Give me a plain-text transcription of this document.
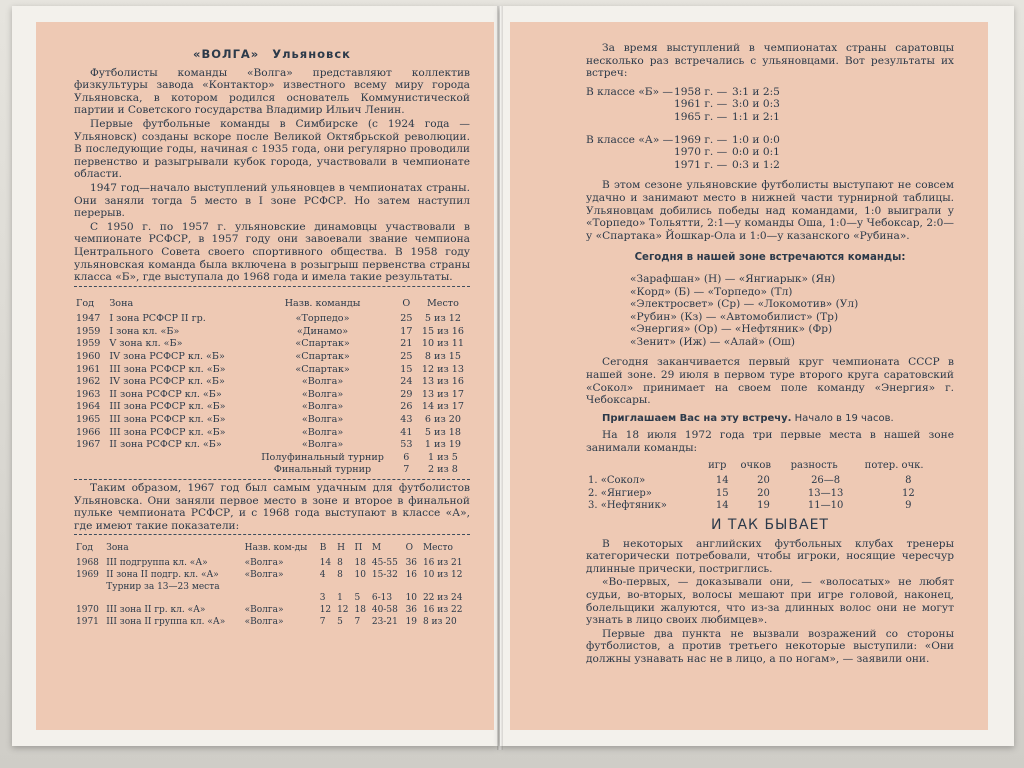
«ВОЛГА» Ульяновск

Футболисты команды «Волга» представляют коллектив физкультуры завода «Контактор» известного всему миру города Ульяновска, в котором родился основатель Коммунистической партии и Советского государства Владимир Ильич Ленин.

Первые футбольные команды в Симбирске (с 1924 года — Ульяновск) созданы вскоре после Великой Октябрьской революции. В последующие годы, начиная с 1935 года, они регулярно проводили первенство и разыгрывали кубок города, участвовали в чемпионате области.

1947 год—начало выступлений ульяновцев в чемпионатах страны. Они заняли тогда 5 место в I зоне РСФСР. Но затем наступил перерыв.

С 1950 г. по 1957 г. ульяновские динамовцы участвовали в чемпионате РСФСР, в 1957 году они завоевали звание чемпиона Центрального Совета своего спортивного общества. В 1958 году ульяновская команда была включена в розыгрыш первенства страны класса «Б», где выступала до 1968 года и имела такие результаты.

Год	Зона	Назв. команды	О	Место
1947	I зона РСФСР II гр.	«Торпедо»	25	5 из 12
1959	I зона кл. «Б»	«Динамо»	17	15 из 16
1959	V зона кл. «Б»	«Спартак»	21	10 из 11
1960	IV зона РСФСР кл. «Б»	«Спартак»	25	8 из 15
1961	III зона РСФСР кл. «Б»	«Спартак»	15	12 из 13
1962	IV зона РСФСР кл. «Б»	«Волга»	24	13 из 16
1963	II зона РСФСР кл. «Б»	«Волга»	29	13 из 17
1964	III зона РСФСР кл. «Б»	«Волга»	26	14 из 17
1965	III зона РСФСР кл. «Б»	«Волга»	43	6 из 20
1966	III зона РСФСР кл. «Б»	«Волга»	41	5 из 18
1967	II зона РСФСР кл. «Б»	«Волга»	53	1 из 19
		Полуфинальный турнир	6	1 из 5
		Финальный турнир	7	2 из 8

Таким образом, 1967 год был самым удачным для футболистов Ульяновска. Они заняли первое место в зоне и второе в финальной пульке чемпионата РСФСР, и с 1968 года выступают в классе «А», где имеют такие показатели:

Год	Зона	Назв. ком-ды	В	Н	П	М	О	Место
1968	III подгруппа кл. «А»	«Волга»	14	8	18	45-55	36	16 из 21
1969	II зона II подгр. кл. «А»	«Волга»	4	8	10	15-32	16	10 из 12
	Турнир за 13—23 места							
			3	1	5	6-13	10	22 из 24
1970	III зона II гр. кл. «А»	«Волга»	12	12	18	40-58	36	16 из 22
1971	III зона II группа кл. «А»	«Волга»	7	5	7	23-21	19	8 из 20

За время выступлений в чемпионатах страны саратовцы несколько раз встречались с ульяновцами. Вот результаты их встреч:

В классе «Б» — 1958 г. — 3:1 и 2:5
1961 г. — 3:0 и 0:3
1965 г. — 1:1 и 2:1
В классе «А» — 1969 г. — 1:0 и 0:0
1970 г. — 0:0 и 0:1
1971 г. — 0:3 и 1:2

В этом сезоне ульяновские футболисты выступают не совсем удачно и занимают место в нижней части турнирной таблицы. Ульяновцам добились победы над командами, 1:0 выиграли у «Торпедо» Тольятти, 2:1—у команды Оша, 1:0—у Чебоксар, 2:0—у «Спартака» Йошкар-Ола и 1:0—у казанского «Рубина».

Сегодня в нашей зоне встречаются команды:
«Зарафшан» (Н) — «Янгиарык» (Ян)
«Корд» (Б) — «Торпедо» (Тл)
«Электросвет» (Ср) — «Локомотив» (Ул)
«Рубин» (Кз) — «Автомобилист» (Тр)
«Энергия» (Ор) — «Нефтяник» (Фр)
«Зенит» (Иж) — «Алай» (Ош)

Сегодня заканчивается первый круг чемпионата СССР в нашей зоне. 29 июля в первом туре второго круга саратовский «Сокол» принимает на своем поле команду «Энергия» г. Чебоксары.

Приглашаем Вас на эту встречу. Начало в 19 часов.

На 18 июля 1972 года три первые места в нашей зоне занимали команды:

	игр	очков	разность	потер. очк.
1. «Сокол»	14	20	26—8	8
2. «Янгиер»	15	20	13—13	12
3. «Нефтяник»	14	19	11—10	9
И ТАК БЫВАЕТ

В некоторых английских футбольных клубах тренеры категорически потребовали, чтобы игроки, носящие чересчур длинные прически, постриглись.

«Во-первых, — доказывали они, — «волосатых» не любят судьи, во-вторых, волосы мешают при игре головой, наконец, болельщики жалуются, что из-за длинных волос они не могут узнать в лицо своих любимцев».

Первые два пункта не вызвали возражений со стороны футболистов, а против третьего некоторые выступили: «Они должны узнавать нас не в лицо, а по ногам», — заявили они.
